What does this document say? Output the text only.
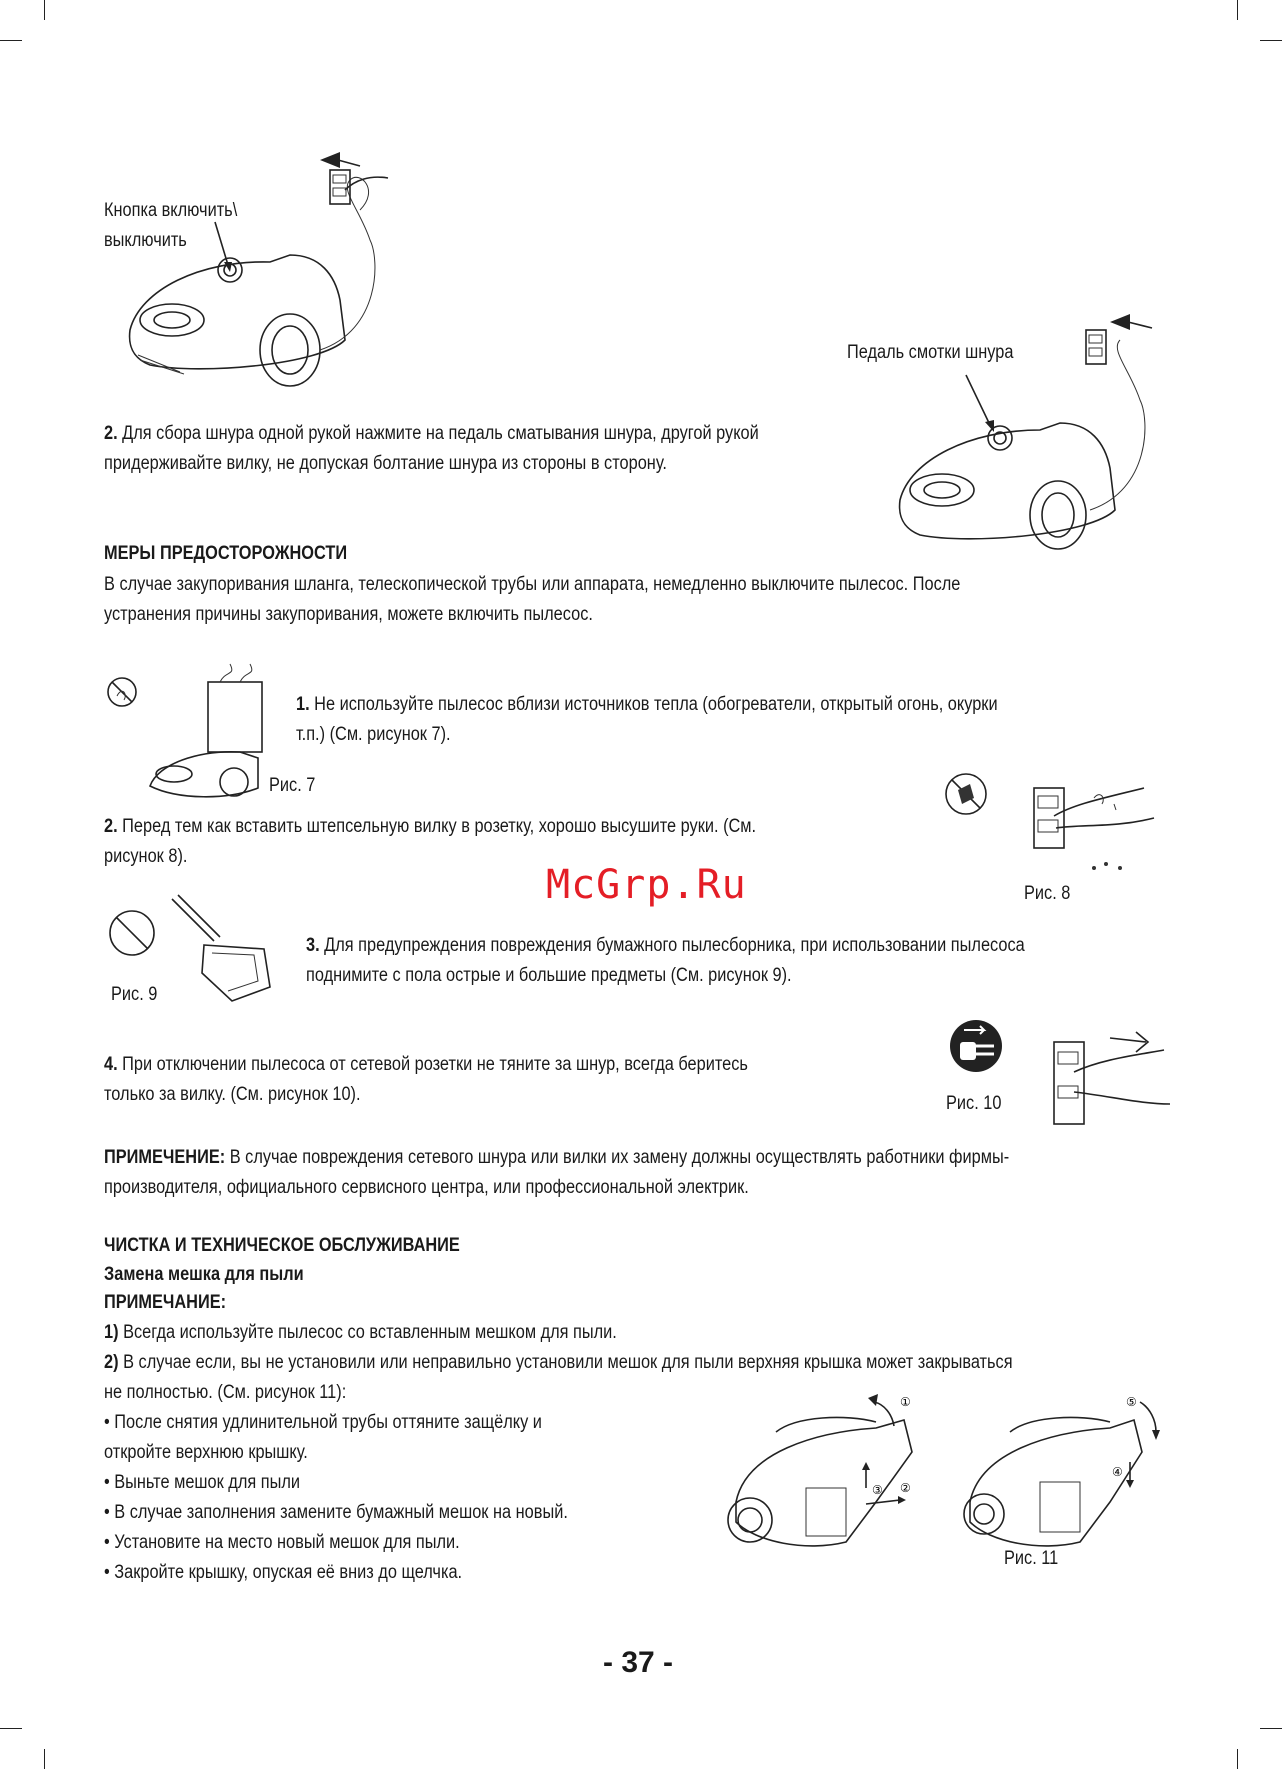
Кнопка включить\
выключить
Педаль смотки шнура
2. Для сбора шнура одной рукой нажмите на педаль сматывания шнура, другой рукой
придерживайте вилку, не допуская болтание шнура из стороны в сторону.
МЕРЫ ПРЕДОСТОРОЖНОСТИ
В случае закупоривания шланга, телескопической трубы или аппарата, немедленно выключите пылесос. После
устранения причины закупоривания, можете включить пылесос.
Рис. 7
1. Не используйте пылесос вблизи источников тепла (обогреватели, открытый огонь, окурки
т.п.) (См. рисунок 7).
Рис. 8
2. Перед тем как вставить штепсельную вилку в розетку, хорошо высушите руки. (См.
рисунок 8).
McGrp.Ru
Рис. 9
3. Для предупреждения повреждения бумажного пылесборника, при использовании пылесоса
поднимите с пола острые и большие предметы (См. рисунок 9).
Рис. 10
4. При отключении пылесоса от сетевой розетки не тяните за шнур, всегда беритесь
только за вилку. (См. рисунок 10).
ПРИМЕЧЕНИЕ: В случае повреждения сетевого шнура или вилки их замену должны осуществлять работники фирмы-
производителя, официального сервисного центра, или профессиональной электрик.
ЧИСТКА И ТЕХНИЧЕСКОЕ ОБСЛУЖИВАНИЕ
Замена мешка для пыли
ПРИМЕЧАНИЕ:
1) Всегда используйте пылесос со вставленным мешком для пыли.
2) В случае если, вы не установили или неправильно установили мешок для пыли верхняя крышка может закрываться
не полностью. (См. рисунок 11):
• После снятия удлинительной трубы оттяните защёлку и
откройте верхнюю крышку.
• Выньте мешок для пыли
• В случае заполнения замените бумажный мешок на новый.
• Установите на место новый мешок для пыли.
• Закройте крышку, опуская её вниз до щелчка.
①
②
③
⑤
④
Рис. 11
- 37 -
